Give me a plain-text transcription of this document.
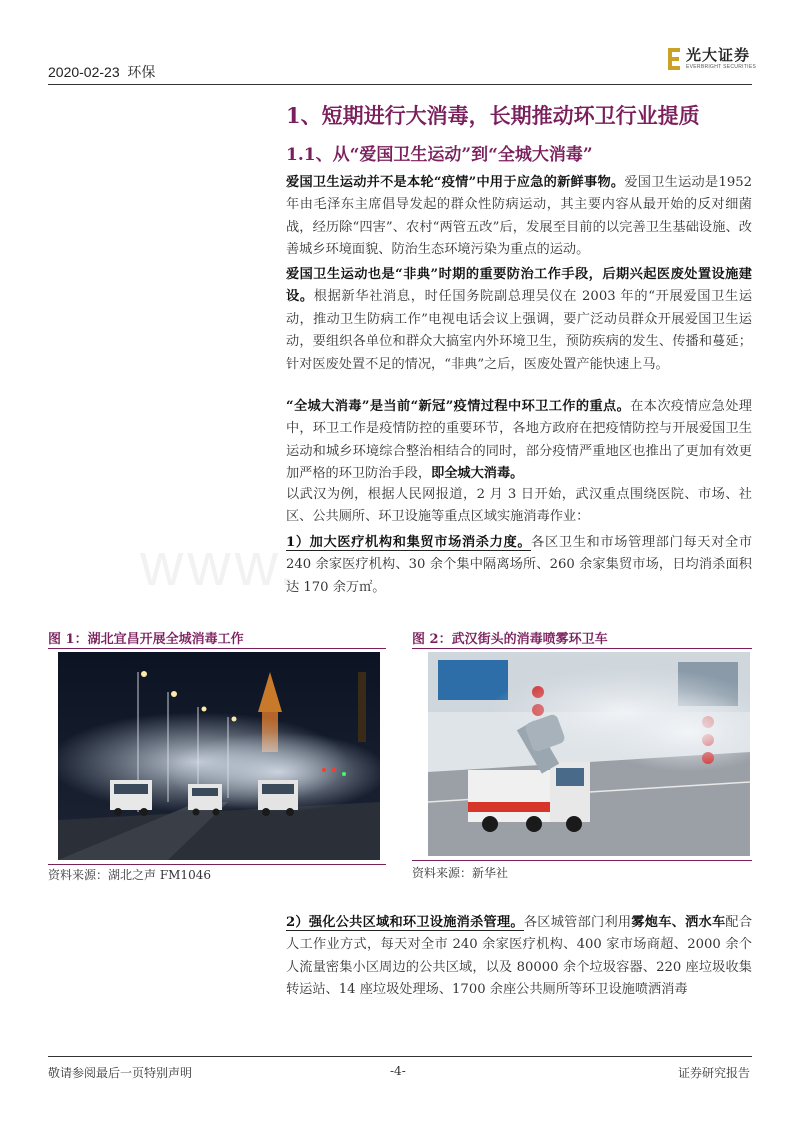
2020-02-23 环保
光大证券
EVERBRIGHT SECURITIES
www.
1、短期进行大消毒，长期推动环卫行业提质
1.1、从“爱国卫生运动”到“全城大消毒”
爱国卫生运动并不是本轮“疫情”中用于应急的新鲜事物。爱国卫生运动是1952 年由毛泽东主席倡导发起的群众性防病运动，其主要内容从最开始的反对细菌战，经历除“四害”、农村“两管五改”后，发展至目前的以完善卫生基础设施、改善城乡环境面貌、防治生态环境污染为重点的运动。
爱国卫生运动也是“非典”时期的重要防治工作手段，后期兴起医废处置设施建设。根据新华社消息，时任国务院副总理吴仪在 2003 年的“开展爱国卫生运动，推动卫生防病工作”电视电话会议上强调，要广泛动员群众开展爱国卫生运动，要组织各单位和群众大搞室内外环境卫生，预防疾病的发生、传播和蔓延；针对医废处置不足的情况，“非典”之后，医废处置产能快速上马。
“全城大消毒”是当前“新冠”疫情过程中环卫工作的重点。在本次疫情应急处理中，环卫工作是疫情防控的重要环节，各地方政府在把疫情防控与开展爱国卫生运动和城乡环境综合整治相结合的同时，部分疫情严重地区也推出了更加有效更加严格的环卫防治手段，即全城大消毒。
以武汉为例，根据人民网报道，2 月 3 日开始，武汉重点围绕医院、市场、社区、公共厕所、环卫设施等重点区域实施消毒作业：
1）加大医疗机构和集贸市场消杀力度。各区卫生和市场管理部门每天对全市 240 余家医疗机构、30 余个集中隔离场所、260 余家集贸市场，日均消杀面积达 170 余万㎡。
图 1：湖北宜昌开展全城消毒工作
资料来源：湖北之声 FM1046
图 2：武汉街头的消毒喷雾环卫车
资料来源：新华社
2）强化公共区域和环卫设施消杀管理。各区城管部门利用雾炮车、洒水车配合人工作业方式，每天对全市 240 余家医疗机构、400 家市场商超、2000 余个人流量密集小区周边的公共区域，以及 80000 余个垃圾容器、220 座垃圾收集转运站、14 座垃圾处理场、1700 余座公共厕所等环卫设施喷洒消毒
敬请参阅最后一页特别声明	-4-	证券研究报告
